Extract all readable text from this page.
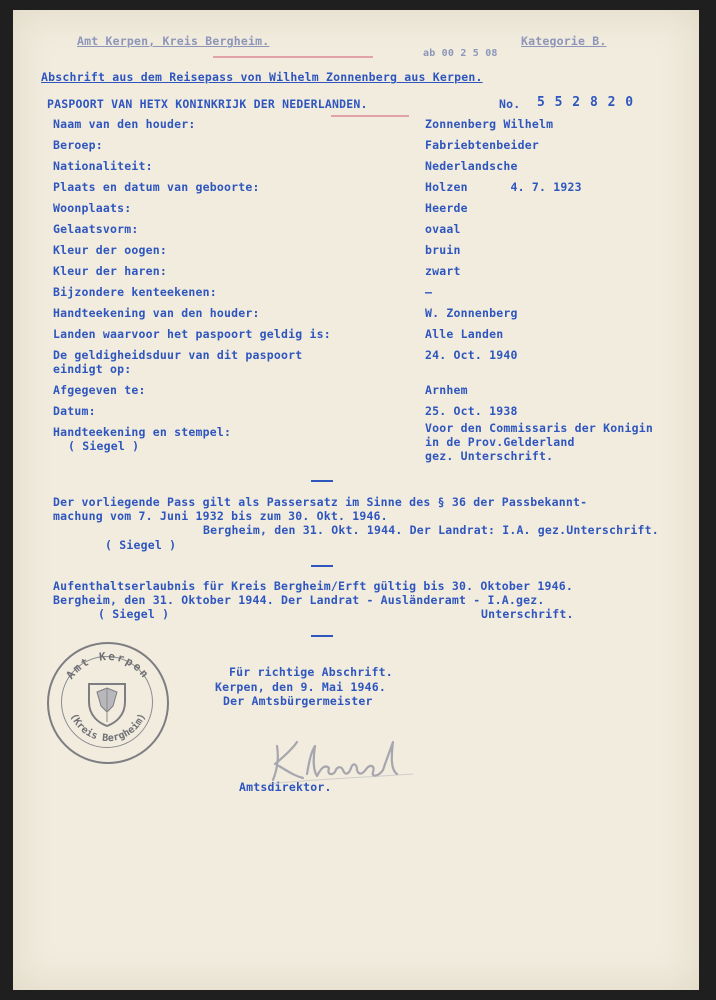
Amt Kerpen, Kreis Bergheim.	Kategorie B.
ab 00 2 5 08
Abschrift aus dem Reisepass von Wilhelm Zonnenberg aus Kerpen.
PASPOORT VAN HETX KONINKRIJK DER NEDERLANDEN.	No. 5 5 2 8 2 0
Naam van den houder:	Zonnenberg Wilhelm
Beroep:	Fabriebtenbeider
Nationaliteit:	Nederlandsche
Plaats en datum van geboorte:	Holzen      4. 7. 1923
Woonplaats:	Heerde
Gelaatsvorm:	ovaal
Kleur der oogen:	bruin
Kleur der haren:	zwart
Bijzondere kenteekenen:	—
Handteekening van den houder:	W. Zonnenberg
Landen waarvoor het paspoort geldig is:	Alle Landen
De geldigheidsduur van dit paspoort	24. Oct. 1940
eindigt op:
Afgegeven te:	Arnhem
Datum:	25. Oct. 1938
Handteekening en stempel:	Voor den Commissaris der Konigin
( Siegel )	in de Prov.Gelderland
gez. Unterschrift.
Der vorliegende Pass gilt als Passersatz im Sinne des § 36 der Passbekannt-
machung vom 7. Juni 1932 bis zum 30. Okt. 1946.
Bergheim, den 31. Okt. 1944. Der Landrat: I.A. gez.Unterschrift.
( Siegel )
Aufenthaltserlaubnis für Kreis Bergheim/Erft gültig bis 30. Oktober 1946.
Bergheim, den 31. Oktober 1944. Der Landrat - Ausländeramt - I.A.gez.
( Siegel )	Unterschrift.
Für richtige Abschrift.
Kerpen, den 9. Mai 1946.
Der Amtsbürgermeister
Amtsdirektor.
Amt Kerpen
(Kreis Bergheim)
